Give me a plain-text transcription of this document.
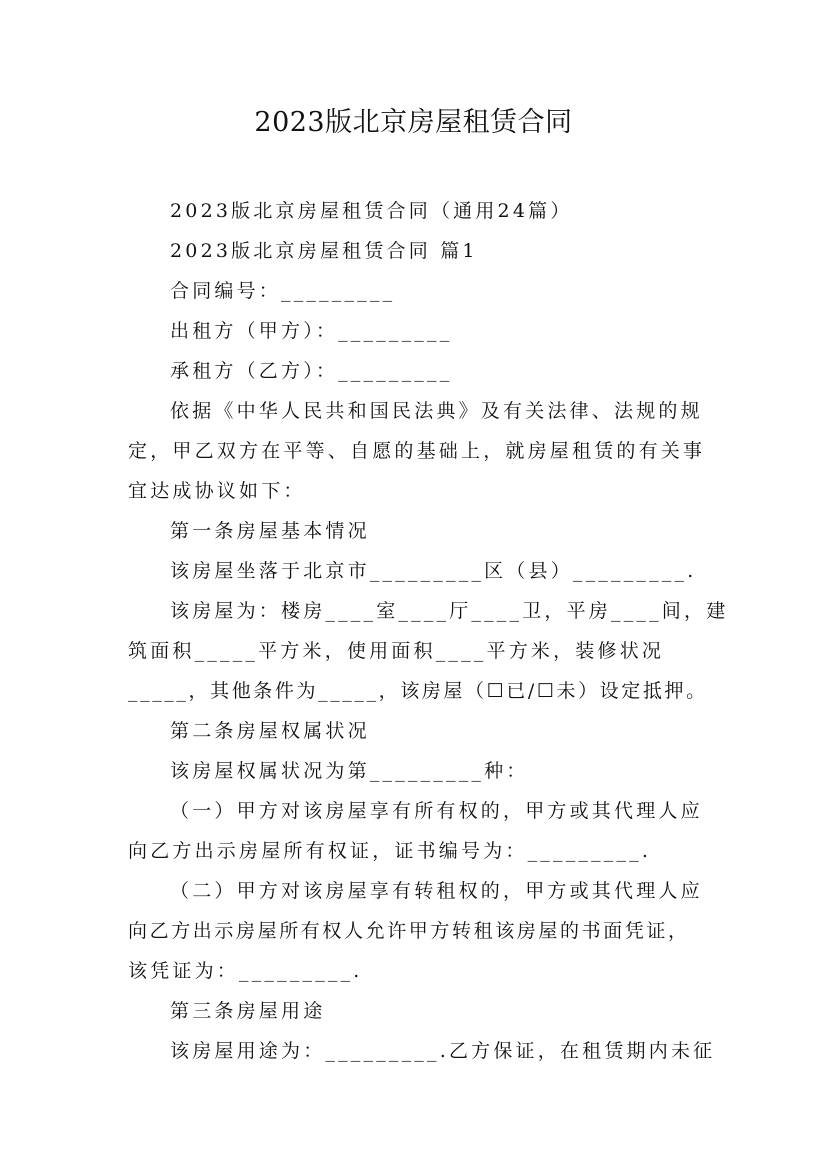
2023版北京房屋租赁合同
2023版北京房屋租赁合同（通用24篇）
2023版北京房屋租赁合同 篇1
合同编号：_________
出租方（甲方）：_________
承租方（乙方）：_________
依据《中华人民共和国民法典》及有关法律、法规的规
定，甲乙双方在平等、自愿的基础上，就房屋租赁的有关事
宜达成协议如下：
第一条房屋基本情况
该房屋坐落于北京市_________区（县）_________.
该房屋为：楼房____室____厅____卫，平房____间，建
筑面积_____平方米，使用面积____平方米，装修状况
_____，其他条件为_____，该房屋（☐已/☐未）设定抵押。
第二条房屋权属状况
该房屋权属状况为第_________种：
（一）甲方对该房屋享有所有权的，甲方或其代理人应
向乙方出示房屋所有权证，证书编号为：_________.
（二）甲方对该房屋享有转租权的，甲方或其代理人应
向乙方出示房屋所有权人允许甲方转租该房屋的书面凭证，
该凭证为：_________.
第三条房屋用途
该房屋用途为：_________.乙方保证，在租赁期内未征
